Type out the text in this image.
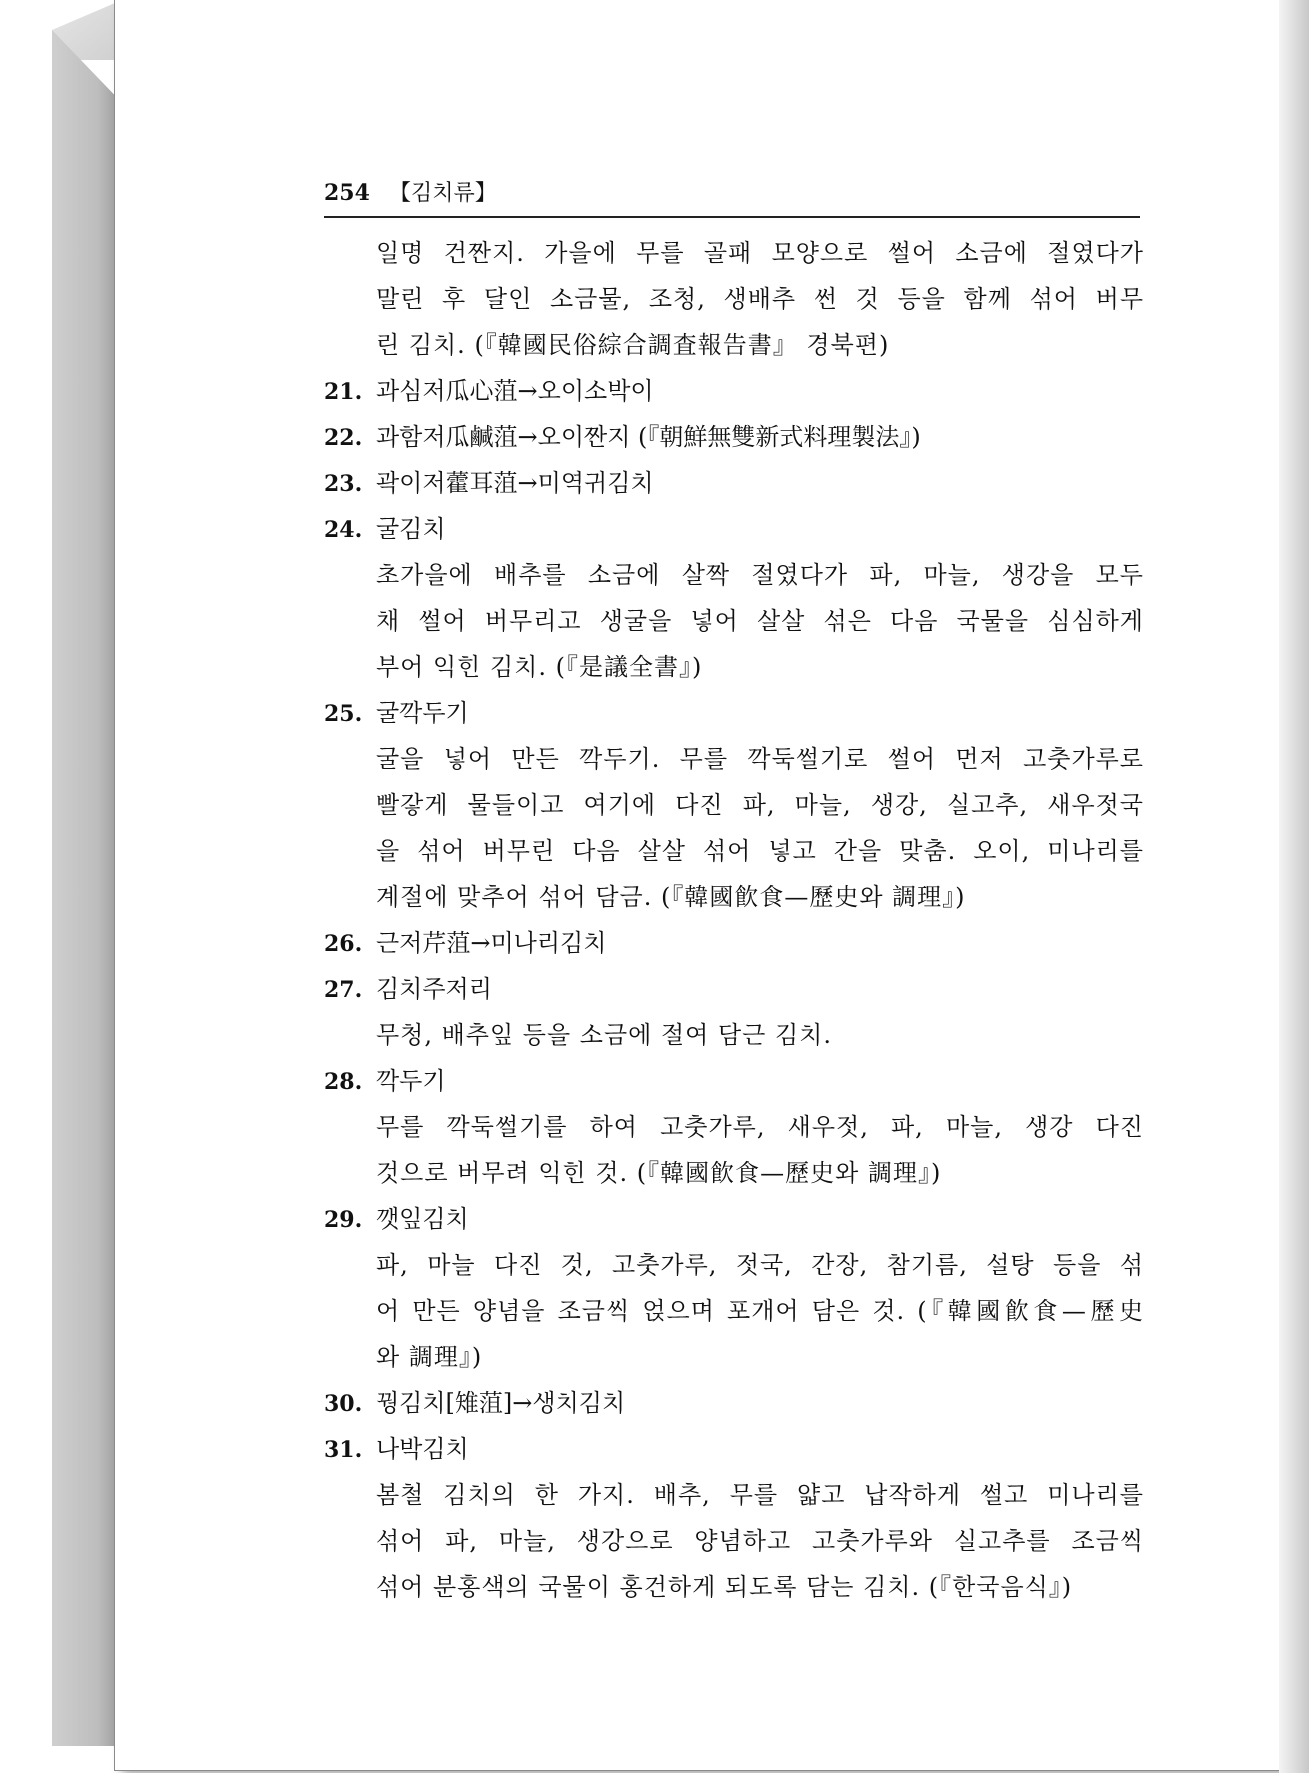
254 【김치류】
일명 건짠지. 가을에 무를 골패 모양으로 썰어 소금에 절였다가
말린 후 달인 소금물, 조청, 생배추 썬 것 등을 함께 섞어 버무
린 김치. (『韓國民俗綜合調査報告書』 경북편)
21. 과심저瓜心菹→오이소박이
22. 과함저瓜鹹菹→오이짠지 (『朝鮮無雙新式料理製法』)
23. 곽이저藿耳菹→미역귀김치
24. 굴김치
초가을에 배추를 소금에 살짝 절였다가 파, 마늘, 생강을 모두
채 썰어 버무리고 생굴을 넣어 살살 섞은 다음 국물을 심심하게
부어 익힌 김치. (『是議全書』)
25. 굴깍두기
굴을 넣어 만든 깍두기. 무를 깍둑썰기로 썰어 먼저 고춧가루로
빨갛게 물들이고 여기에 다진 파, 마늘, 생강, 실고추, 새우젓국
을 섞어 버무린 다음 살살 섞어 넣고 간을 맞춤. 오이, 미나리를
계절에 맞추어 섞어 담금. (『韓國飮食—歷史와 調理』)
26. 근저芹菹→미나리김치
27. 김치주저리
무청, 배추잎 등을 소금에 절여 담근 김치.
28. 깍두기
무를 깍둑썰기를 하여 고춧가루, 새우젓, 파, 마늘, 생강 다진
것으로 버무려 익힌 것. (『韓國飮食—歷史와 調理』)
29. 깻잎김치
파, 마늘 다진 것, 고춧가루, 젓국, 간장, 참기름, 설탕 등을 섞
어 만든 양념을 조금씩 얹으며 포개어 담은 것. (『韓國飮食—歷史
와 調理』)
30. 꿩김치[雉菹]→생치김치
31. 나박김치
봄철 김치의 한 가지. 배추, 무를 얇고 납작하게 썰고 미나리를
섞어 파, 마늘, 생강으로 양념하고 고춧가루와 실고추를 조금씩
섞어 분홍색의 국물이 홍건하게 되도록 담는 김치. (『한국음식』)
